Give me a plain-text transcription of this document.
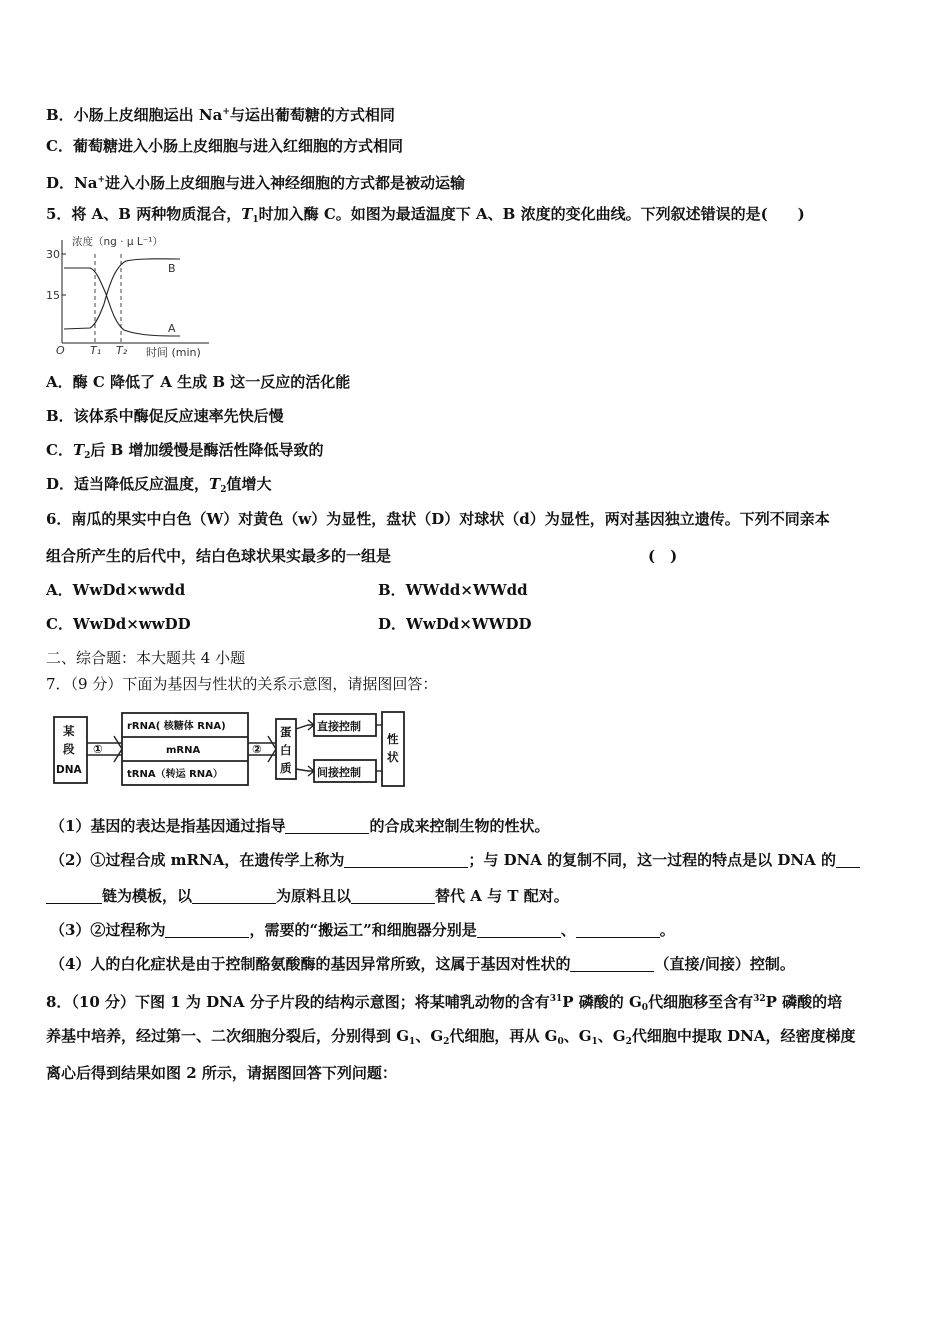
B．小肠上皮细胞运出 Na+与运出葡萄糖的方式相同
C．葡萄糖进入小肠上皮细胞与进入红细胞的方式相同
D．Na+进入小肠上皮细胞与进入神经细胞的方式都是被动运输
5．将 A、B 两种物质混合，$T_1$时加入酶 C。如图为最适温度下 A、B 浓度的变化曲线。下列叙述错误的是(　　)
浓度（ng · μ L⁻¹）
30
15
O T₁ T₂ 时间 (min)
B
A
A．酶 C 降低了 A 生成 B 这一反应的活化能
B．该体系中酶促反应速率先快后慢
C．$T_2$后 B 增加缓慢是酶活性降低导致的
D．适当降低反应温度，$T_2$值增大
6．南瓜的果实中白色（W）对黄色（w）为显性，盘状（D）对球状（d）为显性，两对基因独立遗传。下列不同亲本
组合所产生的后代中，结白色球状果实最多的一组是	(　)
A．WwDd×wwdd	B．WWdd×WWdd
C．WwDd×wwDD	D．WwDd×WWDD
二、综合题：本大题共 4 小题
7．（9 分）下面为基因与性状的关系示意图，请据图回答：
某
段
DNA
①
rRNA( 核糖体 RNA)
mRNA
tRNA（转运 RNA）
②
蛋
白
质
直接控制
间接控制
性
状
（1）基因的表达是指基因通过指导	的合成来控制生物的性状。
（2）①过程合成 mRNA，在遗传学上称为	；与 DNA 的复制不同，这一过程的特点是以 DNA 的
链为模板，以	为原料且以	替代 A 与 T 配对。
（3）②过程称为	，需要的“搬运工”和细胞器分别是	、	。
（4）人的白化症状是由于控制酪氨酸酶的基因异常所致，这属于基因对性状的	（直接/间接）控制。
8．（10 分）下图 1 为 DNA 分子片段的结构示意图；将某哺乳动物的含有$^{31}$P 磷酸的 $G_0$代细胞移至含有$^{32}$P 磷酸的培
养基中培养，经过第一、二次细胞分裂后，分别得到 $G_1$、$G_2$代细胞，再从 $G_0$、$G_1$、$G_2$代细胞中提取 DNA，经密度梯度
离心后得到结果如图 2 所示，请据图回答下列问题：
